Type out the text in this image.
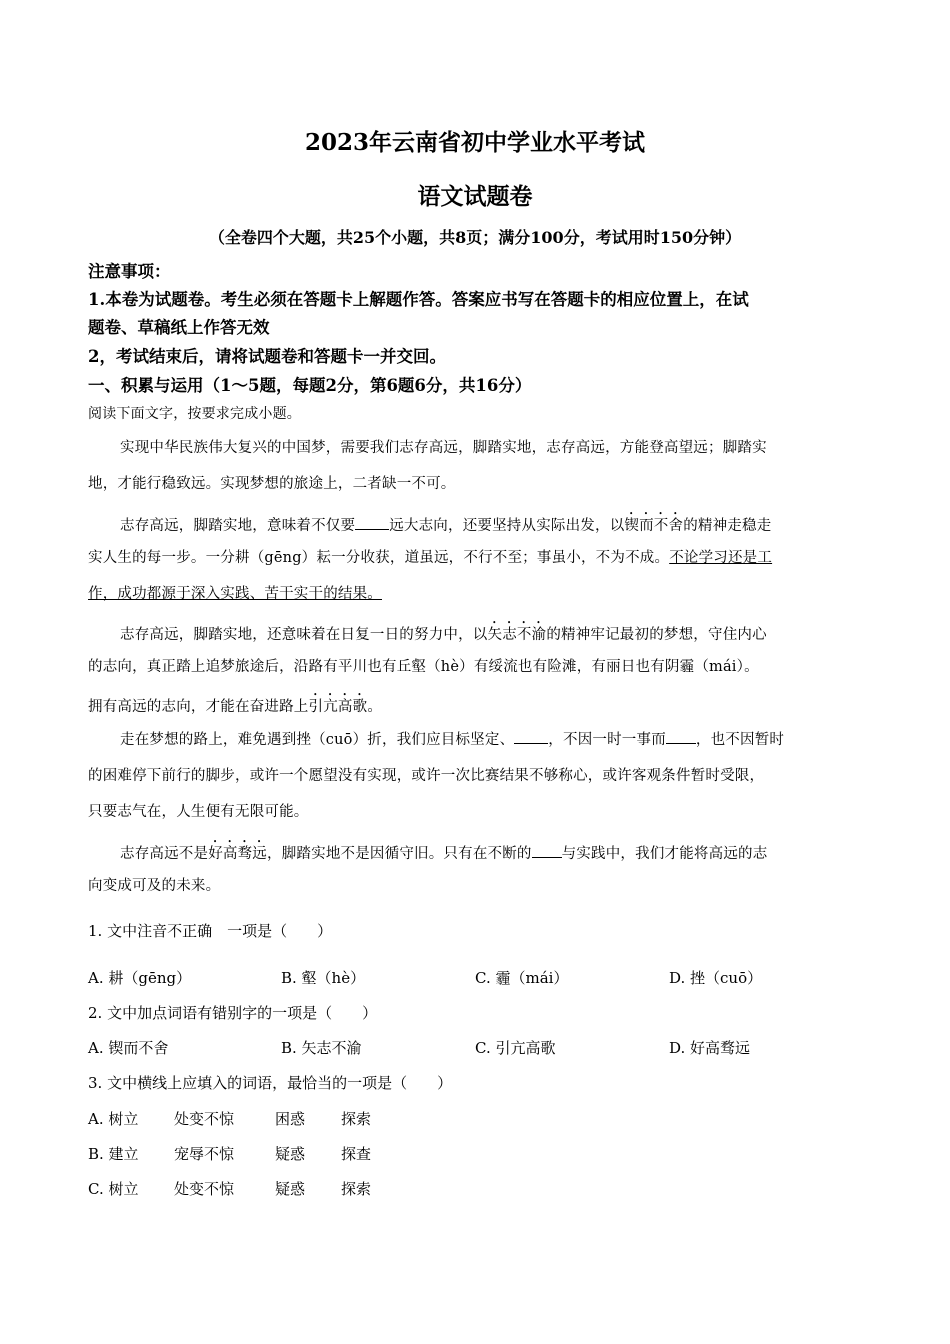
2023年云南省初中学业水平考试
语文试题卷
（全卷四个大题，共25个小题，共8页；满分100分，考试用时150分钟）
注意事项：
1.本卷为试题卷。考生必须在答题卡上解题作答。答案应书写在答题卡的相应位置上，在试
题卷、草稿纸上作答无效
2，考试结束后，请将试题卷和答题卡一并交回。
一、积累与运用（1～5题，每题2分，第6题6分，共16分）
阅读下面文字，按要求完成小题。
实现中华民族伟大复兴的中国梦，需要我们志存高远，脚踏实地，志存高远，方能登高望远；脚踏实
地，才能行稳致远。实现梦想的旅途上，二者缺一不可。
志存高远，脚踏实地，意味着不仅要 远大志向，还要坚持从实际出发，以锲而不舍的精神走稳走
实人生的每一步。一分耕（gēng）耘一分收获，道虽远，不行不至；事虽小，不为不成。不论学习还是工
作，成功都源于深入实践、苦干实干的结果。
志存高远，脚踏实地，还意味着在日复一日的努力中，以矢志不渝的精神牢记最初的梦想，守住内心
的志向，真正踏上追梦旅途后，沿路有平川也有丘壑（hè）有绥流也有险滩，有丽日也有阴霾（mái）。
拥有高远的志向，才能在奋进路上引亢高歌。
走在梦想的路上，难免遇到挫（cuō）折，我们应目标坚定、 ，不因一时一事而 ，也不因暂时
的困难停下前行的脚步，或许一个愿望没有实现，或许一次比赛结果不够称心，或许客观条件暂时受限，
只要志气在，人生便有无限可能。
志存高远不是好高骛远，脚踏实地不是因循守旧。只有在不断的 与实践中，我们才能将高远的志
向变成可及的未来。
1. 文中注音不正确　一项是（　　）
A. 耕（gēng）	B. 壑（hè）	C. 霾（mái）	D. 挫（cuō）
2. 文中加点词语有错别字的一项是（　　）
A. 锲而不舍	B. 矢志不渝	C. 引亢高歌	D. 好高骛远
3. 文中横线上应填入的词语，最恰当的一项是（　　）
A. 树立 处变不惊	困惑 探索
B. 建立 宠辱不惊	疑惑 探查
C. 树立 处变不惊	疑惑 探索
